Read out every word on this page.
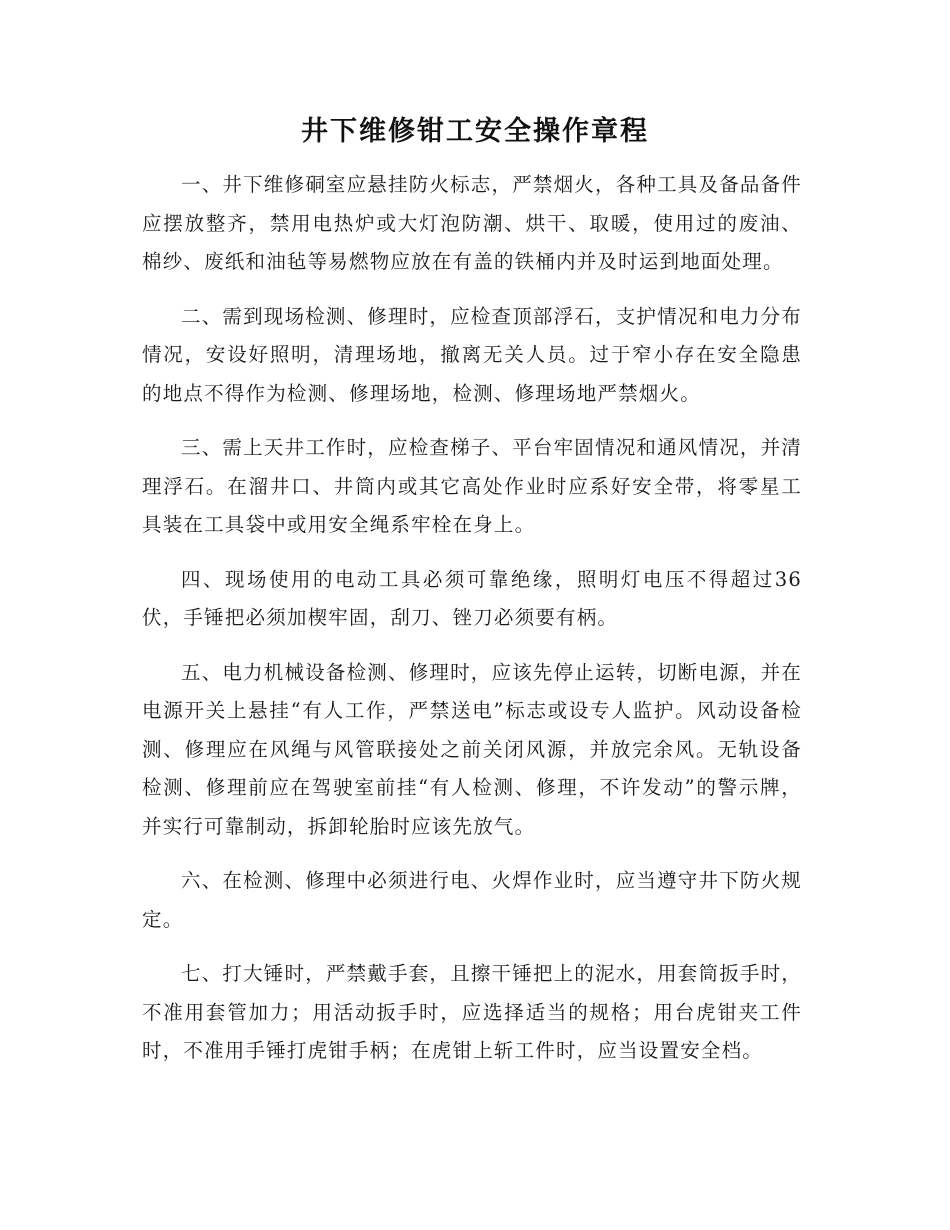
井下维修钳工安全操作章程

一、井下维修硐室应悬挂防火标志，严禁烟火，各种工具及备品备件应摆放整齐，禁用电热炉或大灯泡防潮、烘干、取暖，使用过的废油、棉纱、废纸和油毡等易燃物应放在有盖的铁桶内并及时运到地面处理。

二、需到现场检测、修理时，应检查顶部浮石，支护情况和电力分布情况，安设好照明，清理场地，撤离无关人员。过于窄小存在安全隐患的地点不得作为检测、修理场地，检测、修理场地严禁烟火。

三、需上天井工作时，应检查梯子、平台牢固情况和通风情况，并清理浮石。在溜井口、井筒内或其它高处作业时应系好安全带，将零星工具装在工具袋中或用安全绳系牢栓在身上。

四、现场使用的电动工具必须可靠绝缘，照明灯电压不得超过36伏，手锤把必须加楔牢固，刮刀、锉刀必须要有柄。

五、电力机械设备检测、修理时，应该先停止运转，切断电源，并在电源开关上悬挂“有人工作，严禁送电”标志或设专人监护。风动设备检测、修理应在风绳与风管联接处之前关闭风源，并放完余风。无轨设备检测、修理前应在驾驶室前挂“有人检测、修理，不许发动”的警示牌，并实行可靠制动，拆卸轮胎时应该先放气。

六、在检测、修理中必须进行电、火焊作业时，应当遵守井下防火规定。

七、打大锤时，严禁戴手套，且擦干锤把上的泥水，用套筒扳手时，不准用套管加力；用活动扳手时，应选择适当的规格；用台虎钳夹工件时，不准用手锤打虎钳手柄；在虎钳上斩工件时，应当设置安全档。
